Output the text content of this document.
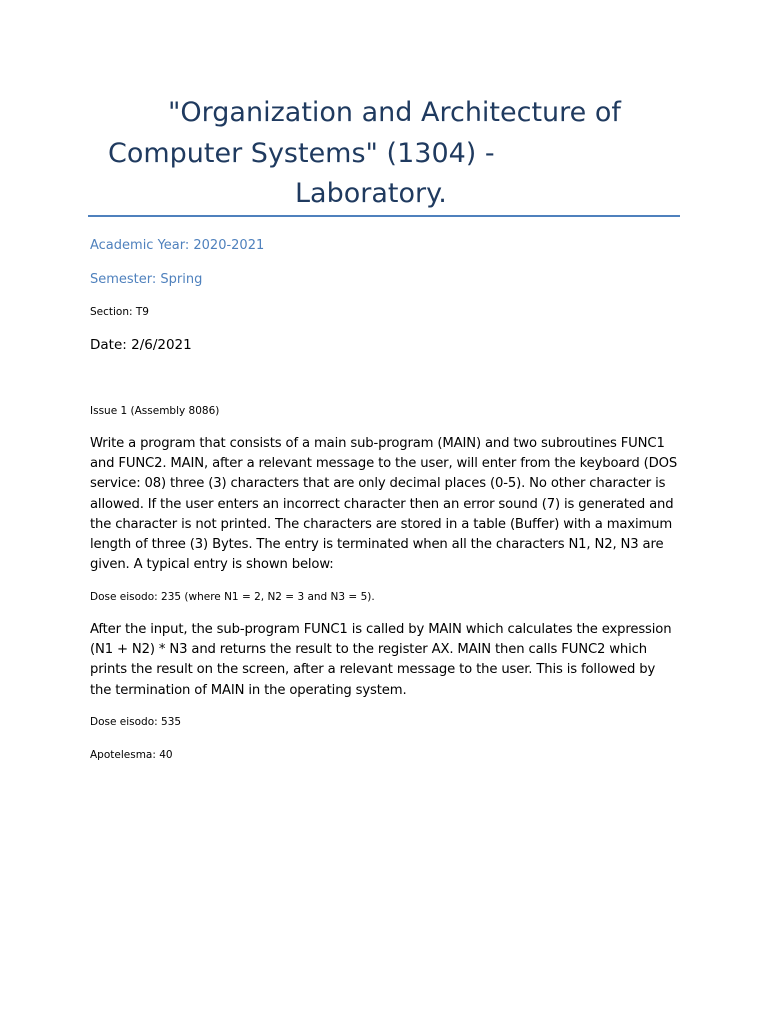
"Organization and Architecture of
Computer Systems" (1304) -
Laboratory.

Academic Year: 2020-2021

Semester: Spring

Section: T9

Date: 2/6/2021

Issue 1 (Assembly 8086)

Write a program that consists of a main sub-program (MAIN) and two subroutines FUNC1 and FUNC2. MAIN, after a relevant message to the user, will enter from the keyboard (DOS service: 08) three (3) characters that are only decimal places (0-5). No other character is allowed. If the user enters an incorrect character then an error sound (7) is generated and the character is not printed. The characters are stored in a table (Buffer) with a maximum length of three (3) Bytes. The entry is terminated when all the characters N1, N2, N3 are given. A typical entry is shown below:

Dose eisodo: 235 (where N1 = 2, N2 = 3 and N3 = 5).

After the input, the sub-program FUNC1 is called by MAIN which calculates the expression (N1 + N2) * N3 and returns the result to the register AX. MAIN then calls FUNC2 which prints the result on the screen, after a relevant message to the user. This is followed by the termination of MAIN in the operating system.

Dose eisodo: 535

Apotelesma: 40
